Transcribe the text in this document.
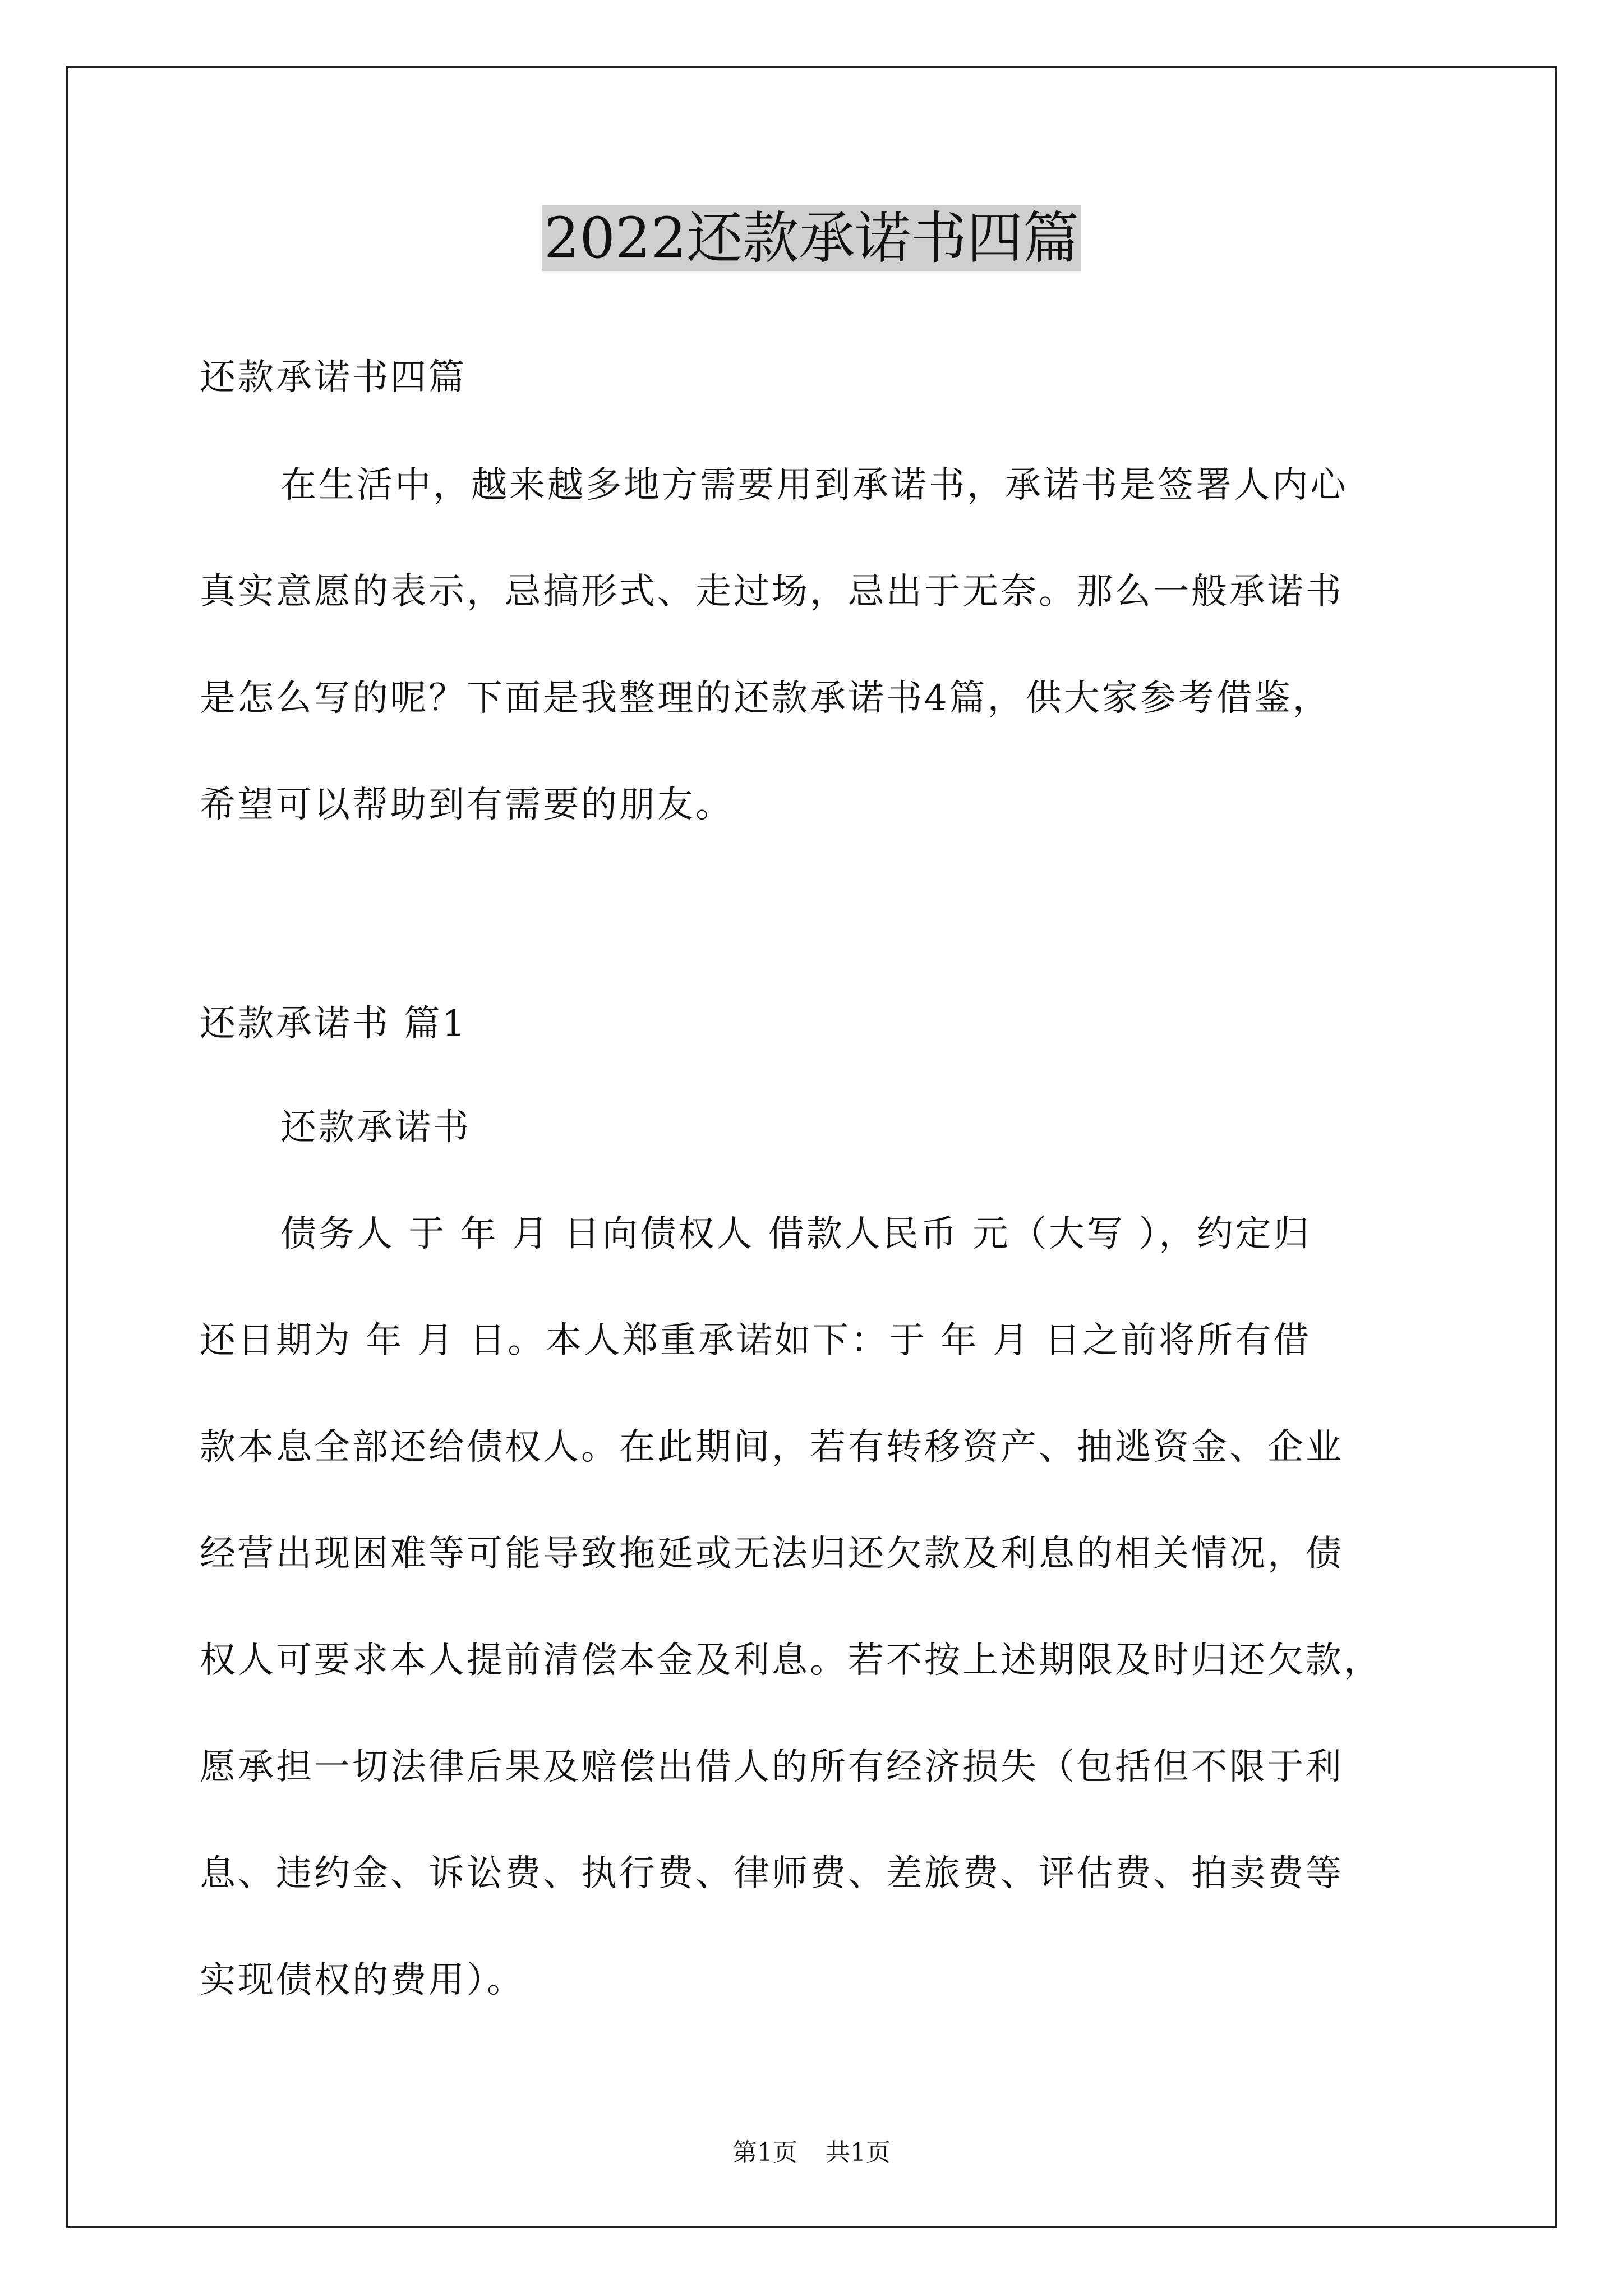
2022还款承诺书四篇
还款承诺书四篇
在生活中，越来越多地方需要用到承诺书，承诺书是签署人内心
真实意愿的表示，忌搞形式、走过场，忌出于无奈。那么一般承诺书
是怎么写的呢？下面是我整理的还款承诺书4篇，供大家参考借鉴，
希望可以帮助到有需要的朋友。
还款承诺书 篇1
还款承诺书
债务人 于 年 月 日向债权人 借款人民币 元（大写 ），约定归
还日期为 年 月 日。本人郑重承诺如下：于 年 月 日之前将所有借
款本息全部还给债权人。在此期间，若有转移资产、抽逃资金、企业
经营出现困难等可能导致拖延或无法归还欠款及利息的相关情况，债
权人可要求本人提前清偿本金及利息。若不按上述期限及时归还欠款，
愿承担一切法律后果及赔偿出借人的所有经济损失（包括但不限于利
息、违约金、诉讼费、执行费、律师费、差旅费、评估费、拍卖费等
实现债权的费用）。
第1页 共1页
